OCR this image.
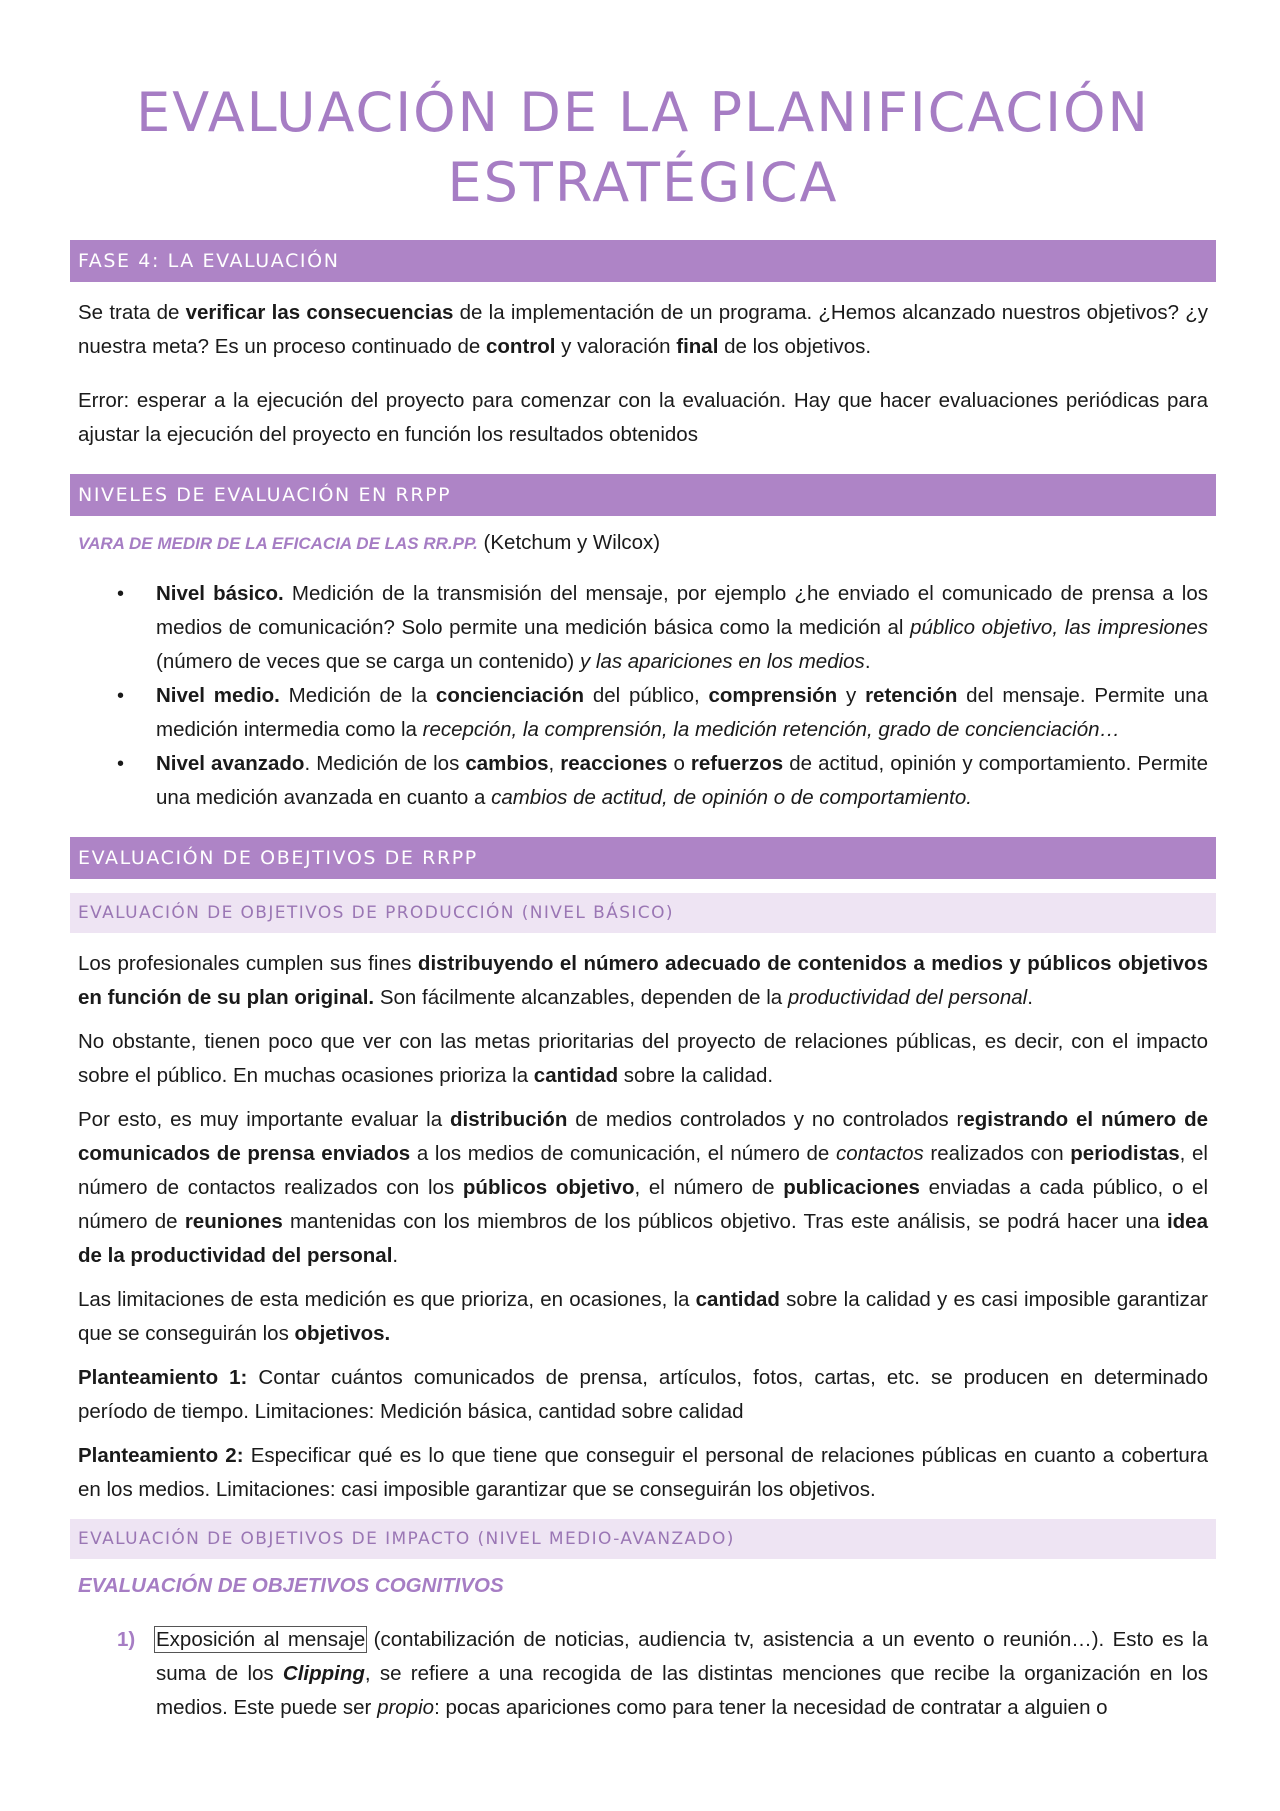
EVALUACIÓN DE LA PLANIFICACIÓN
ESTRATÉGICA
FASE 4: LA EVALUACIÓN

Se trata de verificar las consecuencias de la implementación de un programa. ¿Hemos alcanzado nuestros objetivos? ¿y nuestra meta? Es un proceso continuado de control y valoración final de los objetivos.

Error: esperar a la ejecución del proyecto para comenzar con la evaluación. Hay que hacer evaluaciones periódicas para ajustar la ejecución del proyecto en función los resultados obtenidos

NIVELES DE EVALUACIÓN EN RRPP

VARA DE MEDIR DE LA EFICACIA DE LAS RR.PP. (Ketchum y Wilcox)

• Nivel básico. Medición de la transmisión del mensaje, por ejemplo ¿he enviado el comunicado de prensa a los medios de comunicación? Solo permite una medición básica como la medición al público objetivo, las impresiones (número de veces que se carga un contenido) y las apariciones en los medios.
• Nivel medio. Medición de la concienciación del público, comprensión y retención del mensaje. Permite una medición intermedia como la recepción, la comprensión, la medición retención, grado de concienciación…
• Nivel avanzado. Medición de los cambios, reacciones o refuerzos de actitud, opinión y comportamiento. Permite una medición avanzada en cuanto a cambios de actitud, de opinión o de comportamiento.
EVALUACIÓN DE OBEJTIVOS DE RRPP
EVALUACIÓN DE OBJETIVOS DE PRODUCCIÓN (NIVEL BÁSICO)

Los profesionales cumplen sus fines distribuyendo el número adecuado de contenidos a medios y públicos objetivos en función de su plan original. Son fácilmente alcanzables, dependen de la productividad del personal.

No obstante, tienen poco que ver con las metas prioritarias del proyecto de relaciones públicas, es decir, con el impacto sobre el público. En muchas ocasiones prioriza la cantidad sobre la calidad.

Por esto, es muy importante evaluar la distribución de medios controlados y no controlados registrando el número de comunicados de prensa enviados a los medios de comunicación, el número de contactos realizados con periodistas, el número de contactos realizados con los públicos objetivo, el número de publicaciones enviadas a cada público, o el número de reuniones mantenidas con los miembros de los públicos objetivo. Tras este análisis, se podrá hacer una idea de la productividad del personal.

Las limitaciones de esta medición es que prioriza, en ocasiones, la cantidad sobre la calidad y es casi imposible garantizar que se conseguirán los objetivos.

Planteamiento 1: Contar cuántos comunicados de prensa, artículos, fotos, cartas, etc. se producen en determinado período de tiempo. Limitaciones: Medición básica, cantidad sobre calidad

Planteamiento 2: Especificar qué es lo que tiene que conseguir el personal de relaciones públicas en cuanto a cobertura en los medios. Limitaciones: casi imposible garantizar que se conseguirán los objetivos.

EVALUACIÓN DE OBJETIVOS DE IMPACTO (NIVEL MEDIO-AVANZADO)
EVALUACIÓN DE OBJETIVOS COGNITIVOS
1) Exposición al mensaje (contabilización de noticias, audiencia tv, asistencia a un evento o reunión…). Esto es la suma de los Clipping, se refiere a una recogida de las distintas menciones que recibe la organización en los medios. Este puede ser propio: pocas apariciones como para tener la necesidad de contratar a alguien o
